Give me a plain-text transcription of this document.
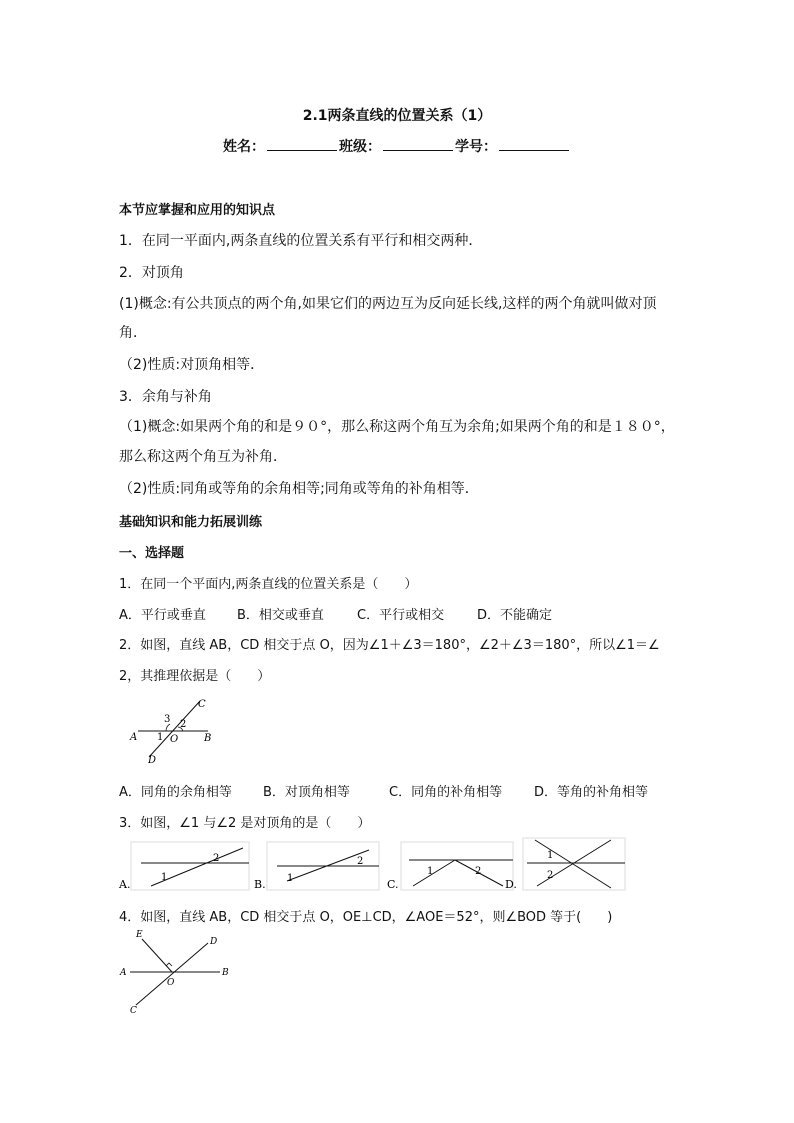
2.1两条直线的位置关系（1）
姓名：	班级：	学号：
本节应掌握和应用的知识点
1．在同一平面内,两条直线的位置关系有平行和相交两种．
2．对顶角
(1)概念:有公共顶点的两个角,如果它们的两边互为反向延长线,这样的两个角就叫做对顶
角．
（2)性质:对顶角相等．
3．余角与补角
（1)概念:如果两个角的和是９０°，那么称这两个角互为余角;如果两个角的和是１８０°，
那么称这两个角互为补角．
（2)性质:同角或等角的余角相等;同角或等角的补角相等．
基础知识和能力拓展训练
一、选择题
1．在同一个平面内,两条直线的位置关系是（　　）
A．平行或垂直 B．相交或垂直	C．平行或相交	D．不能确定
2．如图，直线 AB，CD 相交于点 O，因为∠1＋∠3＝180°，∠2＋∠3＝180°，所以∠1＝∠
2，其推理依据是（　　）
C
A	B
O
D
3 2
1
A．同角的余角相等 B．对顶角相等	C．同角的补角相等 D．等角的补角相等
3．如图，∠1 与∠2 是对顶角的是（　　）
A.
1
2
B. 1
2
C.
1	2
D.
1
2
4．如图，直线 AB，CD 相交于点 O，OE⊥CD，∠AOE＝52°，则∠BOD 等于(　　)
E
D
A	B
O
C
